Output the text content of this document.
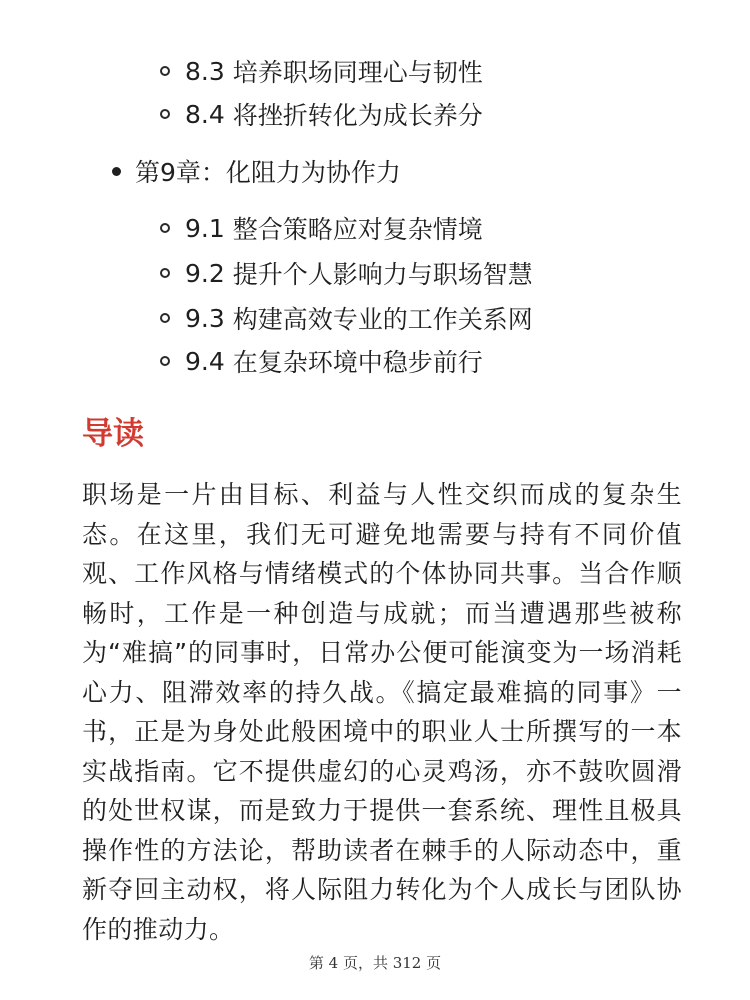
8.3
培养职场同理心与韧性
8.4
将挫折转化为成长养分
第9章 ： 化阻力为协作力
9.1
整合策略应对复杂情境
9.2
提升个人影响力与职场智慧
9.3
构建高效专业的工作关系网
9.4
在复杂环境中稳步前行
导读

职场是一片由目标、利益与人性交织而成的复杂生态。在这里，我们无可避免地需要与持有不同价值观、工作风格与情绪模式的个体协同共事。当合作顺畅时，工作是一种创造与成就；而当遭遇那些被称为“难搞”的同事时，日常办公便可能演变为一场消耗心力、阻滞效率的持久战。《搞定最难搞的同事》一书，正是为身处此般困境中的职业人士所撰写的一本实战指南。它不提供虚幻的心灵鸡汤，亦不鼓吹圆滑的处世权谋，而是致力于提供一套系统、理性且极具操作性的方法论，帮助读者在棘手的人际动态中，重新夺回主动权，将人际阻力转化为个人成长与团队协作的推动力。

第 4 页，共 312 页
